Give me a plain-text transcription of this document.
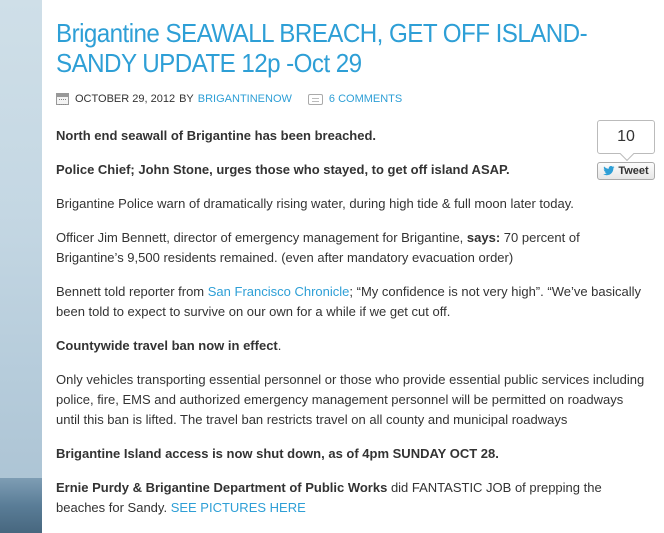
Brigantine SEAWALL BREACH, GET OFF ISLAND- SANDY UPDATE 12p -Oct 29
OCTOBER 29, 2012 BY BRIGANTINENOW	6 COMMENTS

North end seawall of Brigantine has been breached.

Police Chief; John Stone, urges those who stayed, to get off island ASAP.

Brigantine Police warn of dramatically rising water, during high tide & full moon later today.

Officer Jim Bennett, director of emergency management for Brigantine, says: 70 percent of Brigantine’s 9,500 residents remained. (even after mandatory evacuation order)

Bennett told reporter from San Francisco Chronicle; “My confidence is not very high”. “We’ve basically been told to expect to survive on our own for a while if we get cut off.

Countywide travel ban now in effect.

Only vehicles transporting essential personnel or those who provide essential public services including police, fire, EMS and authorized emergency management personnel will be permitted on roadways until this ban is lifted. The travel ban restricts travel on all county and municipal roadways

Brigantine Island access is now shut down, as of 4pm SUNDAY OCT 28.

Ernie Purdy & Brigantine Department of Public Works did FANTASTIC JOB of prepping the beaches for Sandy. SEE PICTURES HERE

10
Tweet
